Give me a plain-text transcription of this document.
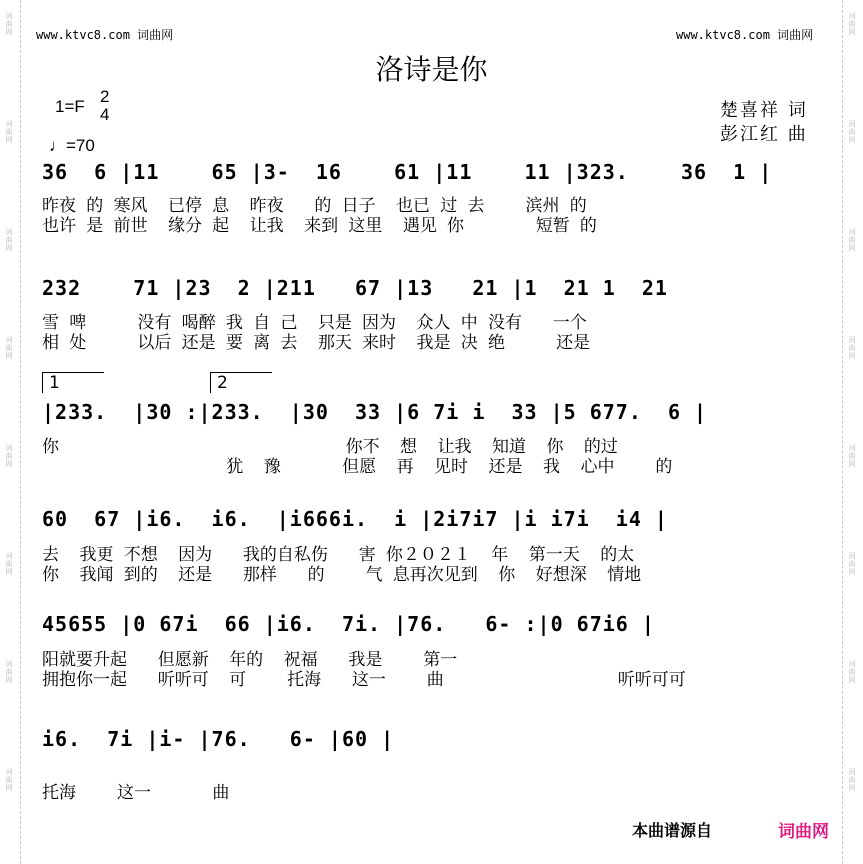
词
曲
网
词
曲
网
词
曲
网
词
曲
网
词
曲
网
词
曲
网
词
曲
网
词
曲
网
词
曲
网
词
曲
网
词
曲
网
词
曲
网
词
曲
网
词
曲
网
词
曲
网
词
曲
网
www.ktvc8.com 词曲网	www.ktvc8.com 词曲网
洛诗是你
1=F
2
4
♩=70
楚喜祥 词
彭江红 曲
36  6 |11    65 |3-  16    61 |11    11 |323.    36  1 |
昨夜 的 寒风  已停 息  昨夜   的 日子  也已 过 去    滨州 的
也许 是 前世  缘分 起  让我  来到 这里  遇见 你       短暂 的
232    71 |23  2 |211   67 |13   21 |1  21 1  21
雪 啤     没有 喝醉 我 自 己  只是 因为  众人 中 没有   一个
相 处     以后 还是 要 离 去  那天 来时  我是 决 绝     还是
1	2
|233.  |30 :|233.  |30  33 |6 7i i  33 |5 677.  6 |
你                            你不  想  让我  知道  你  的过
犹  豫      但愿  再  见时  还是  我  心中    的
60  67 |i6.  i6.  |i666i.  i |2i7i7 |i i7i  i4 |
去  我更 不想  因为   我的自私伤   害 你２０２１  年  第一天  的太
你  我闻 到的  还是   那样   的    气 息再次见到  你  好想深  情地
45655 |0 67i  66 |i6.  7i. |76.   6- :|0 67i6 |
阳就要升起   但愿新  年的  祝福   我是    第一
拥抱你一起   听听可  可    托海   这一    曲                 听听可可
i6.  7i |i- |76.   6- |60 |
托海    这一      曲
本曲谱源自	词曲网
